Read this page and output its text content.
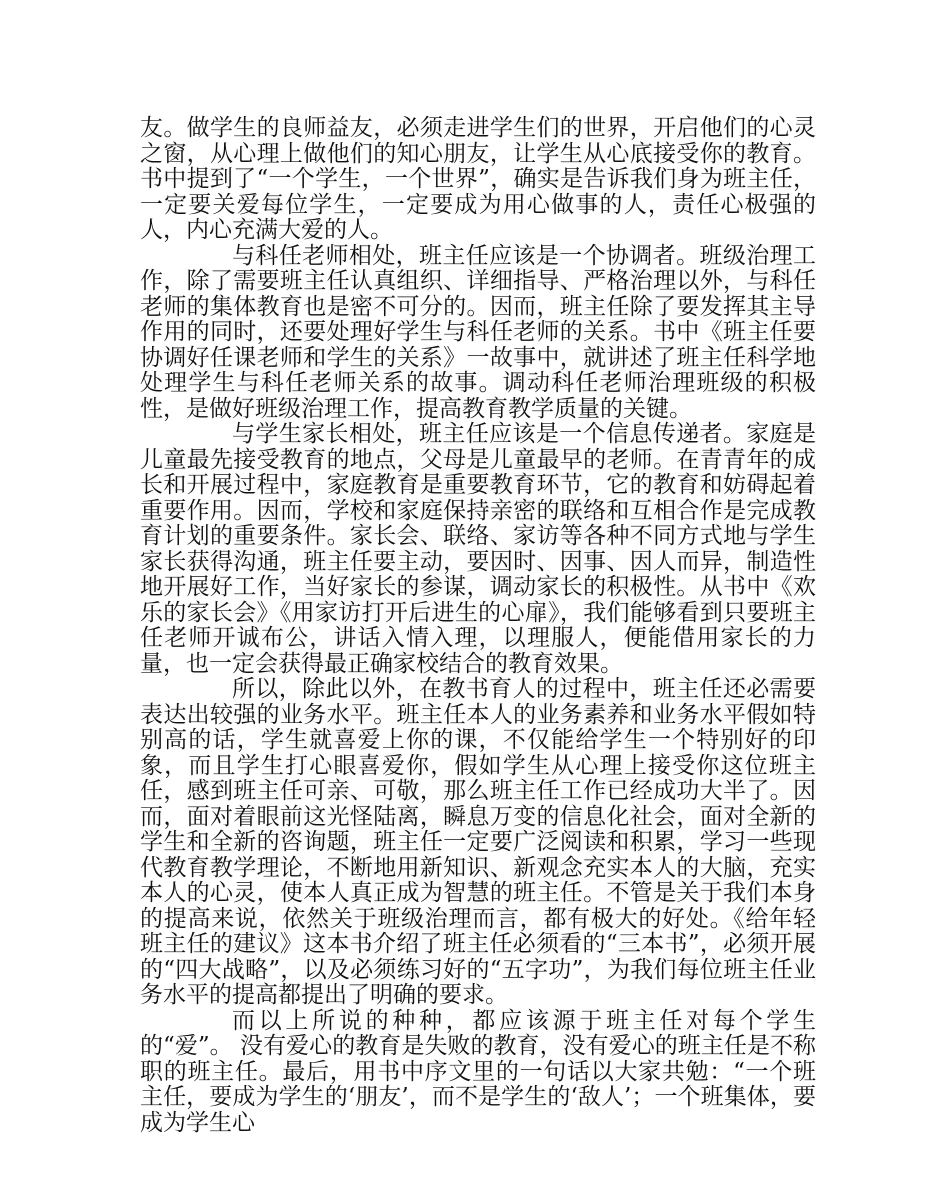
友。做学生的良师益友，必须走进学生们的世界，开启他们的心灵之窗，从心理上做他们的知心朋友，让学生从心底接受你的教育。书中提到了“一个学生，一个世界”，确实是告诉我们身为班主任，一定要关爱每位学生，一定要成为用心做事的人，责任心极强的人，内心充满大爱的人。

与科任老师相处，班主任应该是一个协调者。班级治理工作，除了需要班主任认真组织、详细指导、严格治理以外，与科任老师的集体教育也是密不可分的。因而，班主任除了要发挥其主导作用的同时，还要处理好学生与科任老师的关系。书中《班主任要协调好任课老师和学生的关系》一故事中，就讲述了班主任科学地处理学生与科任老师关系的故事。调动科任老师治理班级的积极性，是做好班级治理工作，提高教育教学质量的关键。

与学生家长相处，班主任应该是一个信息传递者。家庭是儿童最先接受教育的地点，父母是儿童最早的老师。在青青年的成长和开展过程中，家庭教育是重要教育环节，它的教育和妨碍起着重要作用。因而，学校和家庭保持亲密的联络和互相合作是完成教育计划的重要条件。家长会、联络、家访等各种不同方式地与学生家长获得沟通，班主任要主动，要因时、因事、因人而异，制造性地开展好工作，当好家长的参谋，调动家长的积极性。从书中《欢乐的家长会》《用家访打开后进生的心扉》，我们能够看到只要班主任老师开诚布公，讲话入情入理，以理服人，便能借用家长的力量，也一定会获得最正确家校结合的教育效果。

所以，除此以外，在教书育人的过程中，班主任还必需要表达出较强的业务水平。班主任本人的业务素养和业务水平假如特别高的话，学生就喜爱上你的课，不仅能给学生一个特别好的印象，而且学生打心眼喜爱你，假如学生从心理上接受你这位班主任，感到班主任可亲、可敬，那么班主任工作已经成功大半了。因而，面对着眼前这光怪陆离，瞬息万变的信息化社会，面对全新的学生和全新的咨询题，班主任一定要广泛阅读和积累，学习一些现代教育教学理论，不断地用新知识、新观念充实本人的大脑，充实本人的心灵，使本人真正成为智慧的班主任。不管是关于我们本身的提高来说，依然关于班级治理而言，都有极大的好处。《给年轻班主任的建议》这本书介绍了班主任必须看的“三本书”，必须开展的“四大战略”，以及必须练习好的“五字功”，为我们每位班主任业务水平的提高都提出了明确的要求。

而以上所说的种种，都应该源于班主任对每个学生的“爱”。 没有爱心的教育是失败的教育，没有爱心的班主任是不称职的班主任。最后，用书中序文里的一句话以大家共勉：“一个班主任，要成为学生的‘朋友’，而不是学生的‘敌人’；一个班集体，要成为学生心
